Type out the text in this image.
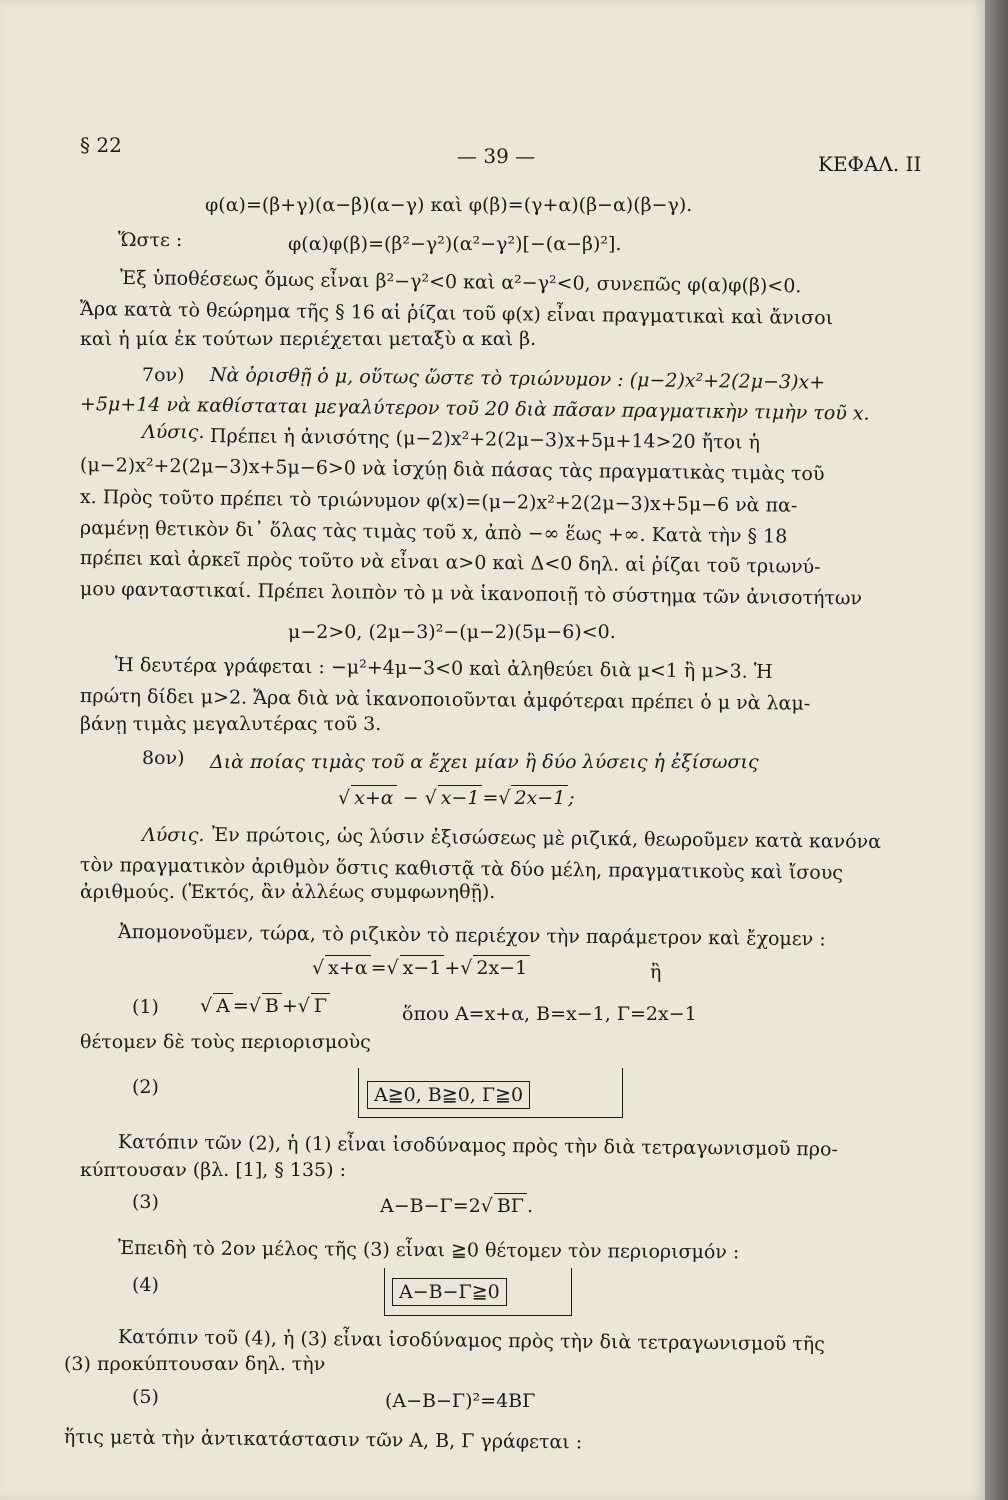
§ 22	— 39 —	ΚΕΦΑΛ. II
φ(α)=(β+γ)(α−β)(α−γ) καὶ φ(β)=(γ+α)(β−α)(β−γ).
Ὥστε :	φ(α)φ(β)=(β²−γ²)(α²−γ²)[−(α−β)²].
Ἐξ ὑποθέσεως ὅμως εἶναι β²−γ²<0 καὶ α²−γ²<0, συνεπῶς φ(α)φ(β)<0.
Ἄρα κατὰ τὸ θεώρημα τῆς § 16 αἱ ῥίζαι τοῦ φ(x) εἶναι πραγματικαὶ καὶ ἄνισοι
καὶ ἡ μία ἐκ τούτων περιέχεται μεταξὺ α καὶ β.
7ον) Νὰ ὁρισθῇ ὁ μ, οὕτως ὥστε τὸ τριώνυμον : (μ−2)x²+2(2μ−3)x+
+5μ+14 νὰ καθίσταται μεγαλύτερον τοῦ 20 διὰ πᾶσαν πραγματικὴν τιμὴν τοῦ x.
Λύσις. Πρέπει ἡ ἀνισότης (μ−2)x²+2(2μ−3)x+5μ+14>20 ἤτοι ἡ
(μ−2)x²+2(2μ−3)x+5μ−6>0 νὰ ἰσχύῃ διὰ πάσας τὰς πραγματικὰς τιμὰς τοῦ
x. Πρὸς τοῦτο πρέπει τὸ τριώνυμον φ(x)=(μ−2)x²+2(2μ−3)x+5μ−6 νὰ πα-
ραμένῃ θετικὸν δι᾽ ὅλας τὰς τιμὰς τοῦ x, ἀπὸ −∞ ἕως +∞. Κατὰ τὴν § 18
πρέπει καὶ ἀρκεῖ πρὸς τοῦτο νὰ εἶναι α>0 καὶ Δ<0 δηλ. αἱ ῥίζαι τοῦ τριωνύ-
μου φανταστικαί. Πρέπει λοιπὸν τὸ μ νὰ ἱκανοποιῇ τὸ σύστημα τῶν ἀνισοτήτων
μ−2>0, (2μ−3)²−(μ−2)(5μ−6)<0.
Ἡ δευτέρα γράφεται : −μ²+4μ−3<0 καὶ ἀληθεύει διὰ μ<1 ἢ μ>3. Ἡ
πρώτη δίδει μ>2. Ἄρα διὰ νὰ ἱκανοποιοῦνται ἀμφότεραι πρέπει ὁ μ νὰ λαμ-
βάνῃ τιμὰς μεγαλυτέρας τοῦ 3.
8ον) Διὰ ποίας τιμὰς τοῦ α ἔχει μίαν ἢ δύο λύσεις ἡ ἐξίσωσις
√ x+α − √ x−1 =√ 2x−1 ;
Λύσις. Ἐν πρώτοις, ὡς λύσιν ἐξισώσεως μὲ ριζικά, θεωροῦμεν κατὰ κανόνα
τὸν πραγματικὸν ἀριθμὸν ὅστις καθιστᾷ τὰ δύο μέλη, πραγματικοὺς καὶ ἴσους
ἀριθμούς. (Ἐκτός, ἂν ἀλλέως συμφωνηθῇ).
Ἀπομονοῦμεν, τώρα, τὸ ριζικὸν τὸ περιέχον τὴν παράμετρον καὶ ἔχομεν :
√ x+α =√ x−1 +√ 2x−1	ἢ
(1) √ Α =√ Β +√ Γ	ὅπου Α=x+α, Β=x−1, Γ=2x−1
θέτομεν δὲ τοὺς περιορισμοὺς
(2)	Α≧0, Β≧0, Γ≧0
Κατόπιν τῶν (2), ἡ (1) εἶναι ἰσοδύναμος πρὸς τὴν διὰ τετραγωνισμοῦ προ-
κύπτουσαν (βλ. [1], § 135) :
(3)	Α−Β−Γ=2√ ΒΓ .
Ἐπειδὴ τὸ 2ον μέλος τῆς (3) εἶναι ≧0 θέτομεν τὸν περιορισμόν :
(4)	Α−Β−Γ≧0
Κατόπιν τοῦ (4), ἡ (3) εἶναι ἰσοδύναμος πρὸς τὴν διὰ τετραγωνισμοῦ τῆς
(3) προκύπτουσαν δηλ. τὴν
(5)	(Α−Β−Γ)²=4ΒΓ
ἥτις μετὰ τὴν ἀντικατάστασιν τῶν Α, Β, Γ γράφεται :
